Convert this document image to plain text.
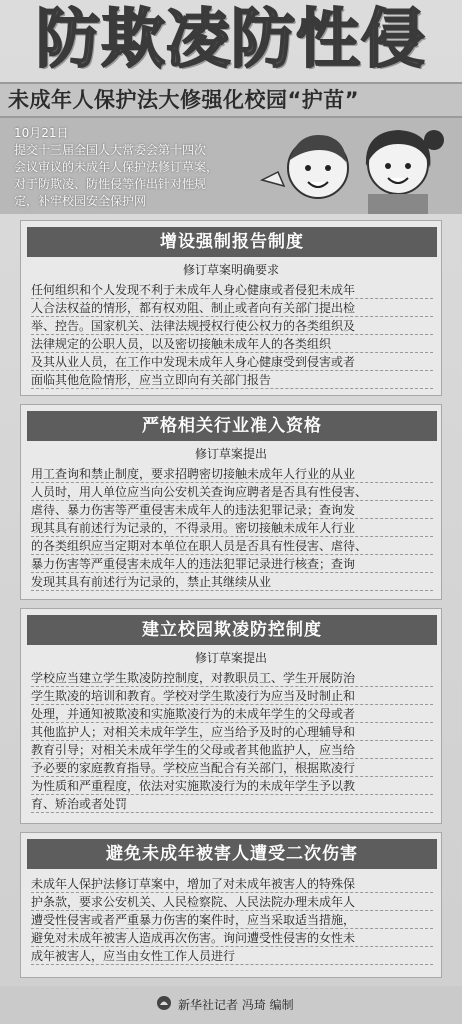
防欺凌防性侵
未成年人保护法大修强化校园“护苗”
10月21日
提交十三届全国人大常委会第十四次
会议审议的未成年人保护法修订草案，
对于防欺凌、防性侵等作出针对性规
定，补牢校园安全保护网
增设强制报告制度
修订草案明确要求
任何组织和个人发现不利于未成年人身心健康或者侵犯未成年
人合法权益的情形，都有权劝阻、制止或者向有关部门提出检
举、控告。国家机关、法律法规授权行使公权力的各类组织及
法律规定的公职人员，以及密切接触未成年人的各类组织
及其从业人员，在工作中发现未成年人身心健康受到侵害或者
面临其他危险情形，应当立即向有关部门报告
严格相关行业准入资格
修订草案提出
用工查询和禁止制度，要求招聘密切接触未成年人行业的从业
人员时，用人单位应当向公安机关查询应聘者是否具有性侵害、
虐待、暴力伤害等严重侵害未成年人的违法犯罪记录；查询发
现其具有前述行为记录的，不得录用。密切接触未成年人行业
的各类组织应当定期对本单位在职人员是否具有性侵害、虐待、
暴力伤害等严重侵害未成年人的违法犯罪记录进行核查；查询
发现其具有前述行为记录的，禁止其继续从业
建立校园欺凌防控制度
修订草案提出
学校应当建立学生欺凌防控制度，对教职员工、学生开展防治
学生欺凌的培训和教育。学校对学生欺凌行为应当及时制止和
处理，并通知被欺凌和实施欺凌行为的未成年学生的父母或者
其他监护人；对相关未成年学生，应当给予及时的心理辅导和
教育引导；对相关未成年学生的父母或者其他监护人，应当给
予必要的家庭教育指导。学校应当配合有关部门，根据欺凌行
为性质和严重程度，依法对实施欺凌行为的未成年学生予以教
育、矫治或者处罚
避免未成年被害人遭受二次伤害
未成年人保护法修订草案中，增加了对未成年被害人的特殊保
护条款，要求公安机关、人民检察院、人民法院办理未成年人
遭受性侵害或者严重暴力伤害的案件时，应当采取适当措施，
避免对未成年被害人造成再次伤害。询问遭受性侵害的女性未
成年被害人，应当由女性工作人员进行
新华社记者 冯琦 编制
